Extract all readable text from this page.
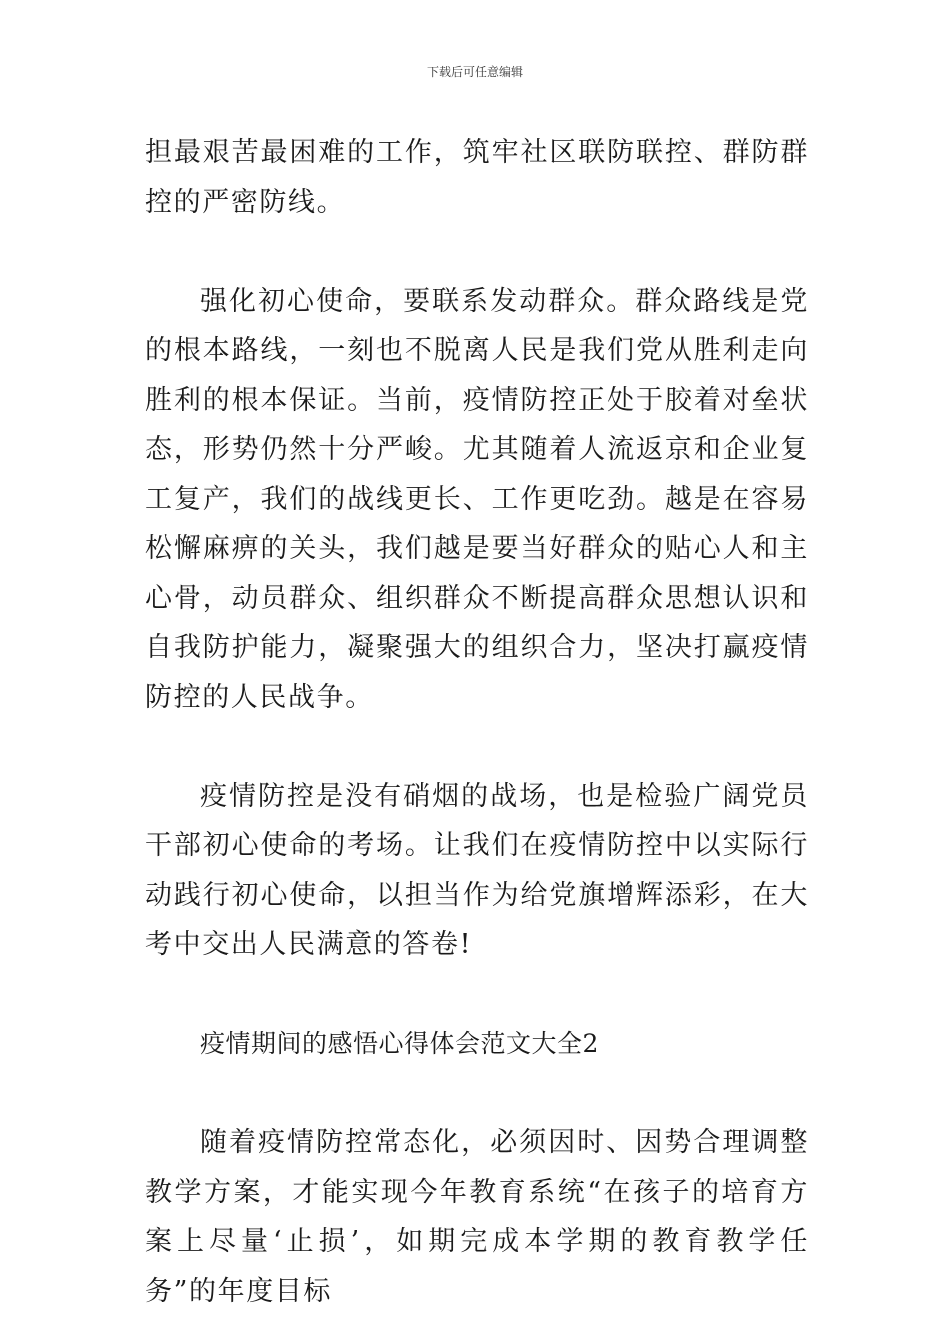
下载后可任意编辑

担最艰苦最困难的工作，筑牢社区联防联控、群防群控的严密防线。

强化初心使命，要联系发动群众。群众路线是党的根本路线，一刻也不脱离人民是我们党从胜利走向胜利的根本保证。当前，疫情防控正处于胶着对垒状态，形势仍然十分严峻。尤其随着人流返京和企业复工复产，我们的战线更长、工作更吃劲。越是在容易松懈麻痹的关头，我们越是要当好群众的贴心人和主心骨，动员群众、组织群众不断提高群众思想认识和自我防护能力，凝聚强大的组织合力，坚决打赢疫情防控的人民战争。

疫情防控是没有硝烟的战场，也是检验广阔党员干部初心使命的考场。让我们在疫情防控中以实际行动践行初心使命，以担当作为给党旗增辉添彩，在大考中交出人民满意的答卷!

疫情期间的感悟心得体会范文大全2

随着疫情防控常态化，必须因时、因势合理调整教学方案，才能实现今年教育系统“在孩子的培育方案上尽量‘止损’，如期完成本学期的教育教学任务”的年度目标
